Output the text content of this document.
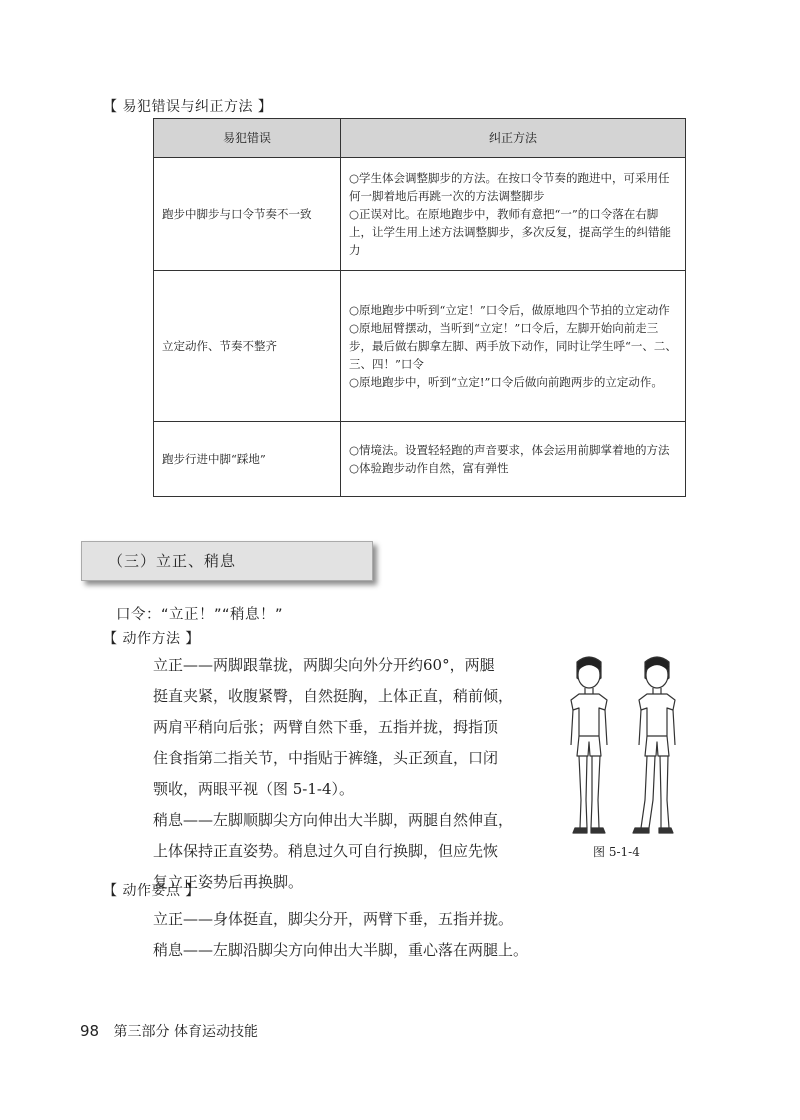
【 易犯错误与纠正方法 】
易犯错误	纠正方法
跑步中脚步与口令节奏不一致	○学生体会调整脚步的方法。在按口令节奏的跑进中，可采用任何一脚着地后再跳一次的方法调整脚步
○正误对比。在原地跑步中，教师有意把“一”的口令落在右脚上，让学生用上述方法调整脚步，多次反复，提高学生的纠错能力

立定动作、节奏不整齐	○原地跑步中听到“立定！”口令后，做原地四个节拍的立定动作
○原地屈臂摆动，当听到“立定！”口令后，左脚开始向前走三步，最后做右脚拿左脚、两手放下动作，同时让学生呼“一、二、三、四！”口令
○原地跑步中，听到“立定!”口令后做向前跑两步的立定动作。

跑步行进中脚“踩地”	○情境法。设置轻轻跑的声音要求，体会运用前脚掌着地的方法
○体验跑步动作自然，富有弹性
（三）立正、稍息
口令：“立正！”“稍息！”
【 动作方法 】
立正——两脚跟靠拢，两脚尖向外分开约60°，两腿
挺直夹紧，收腹紧臀，自然挺胸，上体正直，稍前倾，
两肩平稍向后张；两臂自然下垂，五指并拢，拇指顶
住食指第二指关节，中指贴于裤缝，头正颈直，口闭
颚收，两眼平视（图 5-1-4）。
稍息——左脚顺脚尖方向伸出大半脚，两腿自然伸直，
上体保持正直姿势。稍息过久可自行换脚，但应先恢
复立正姿势后再换脚。
图 5-1-4
【 动作要点 】
立正——身体挺直，脚尖分开，两臂下垂，五指并拢。
稍息——左脚沿脚尖方向伸出大半脚，重心落在两腿上。
98 第三部分 体育运动技能
